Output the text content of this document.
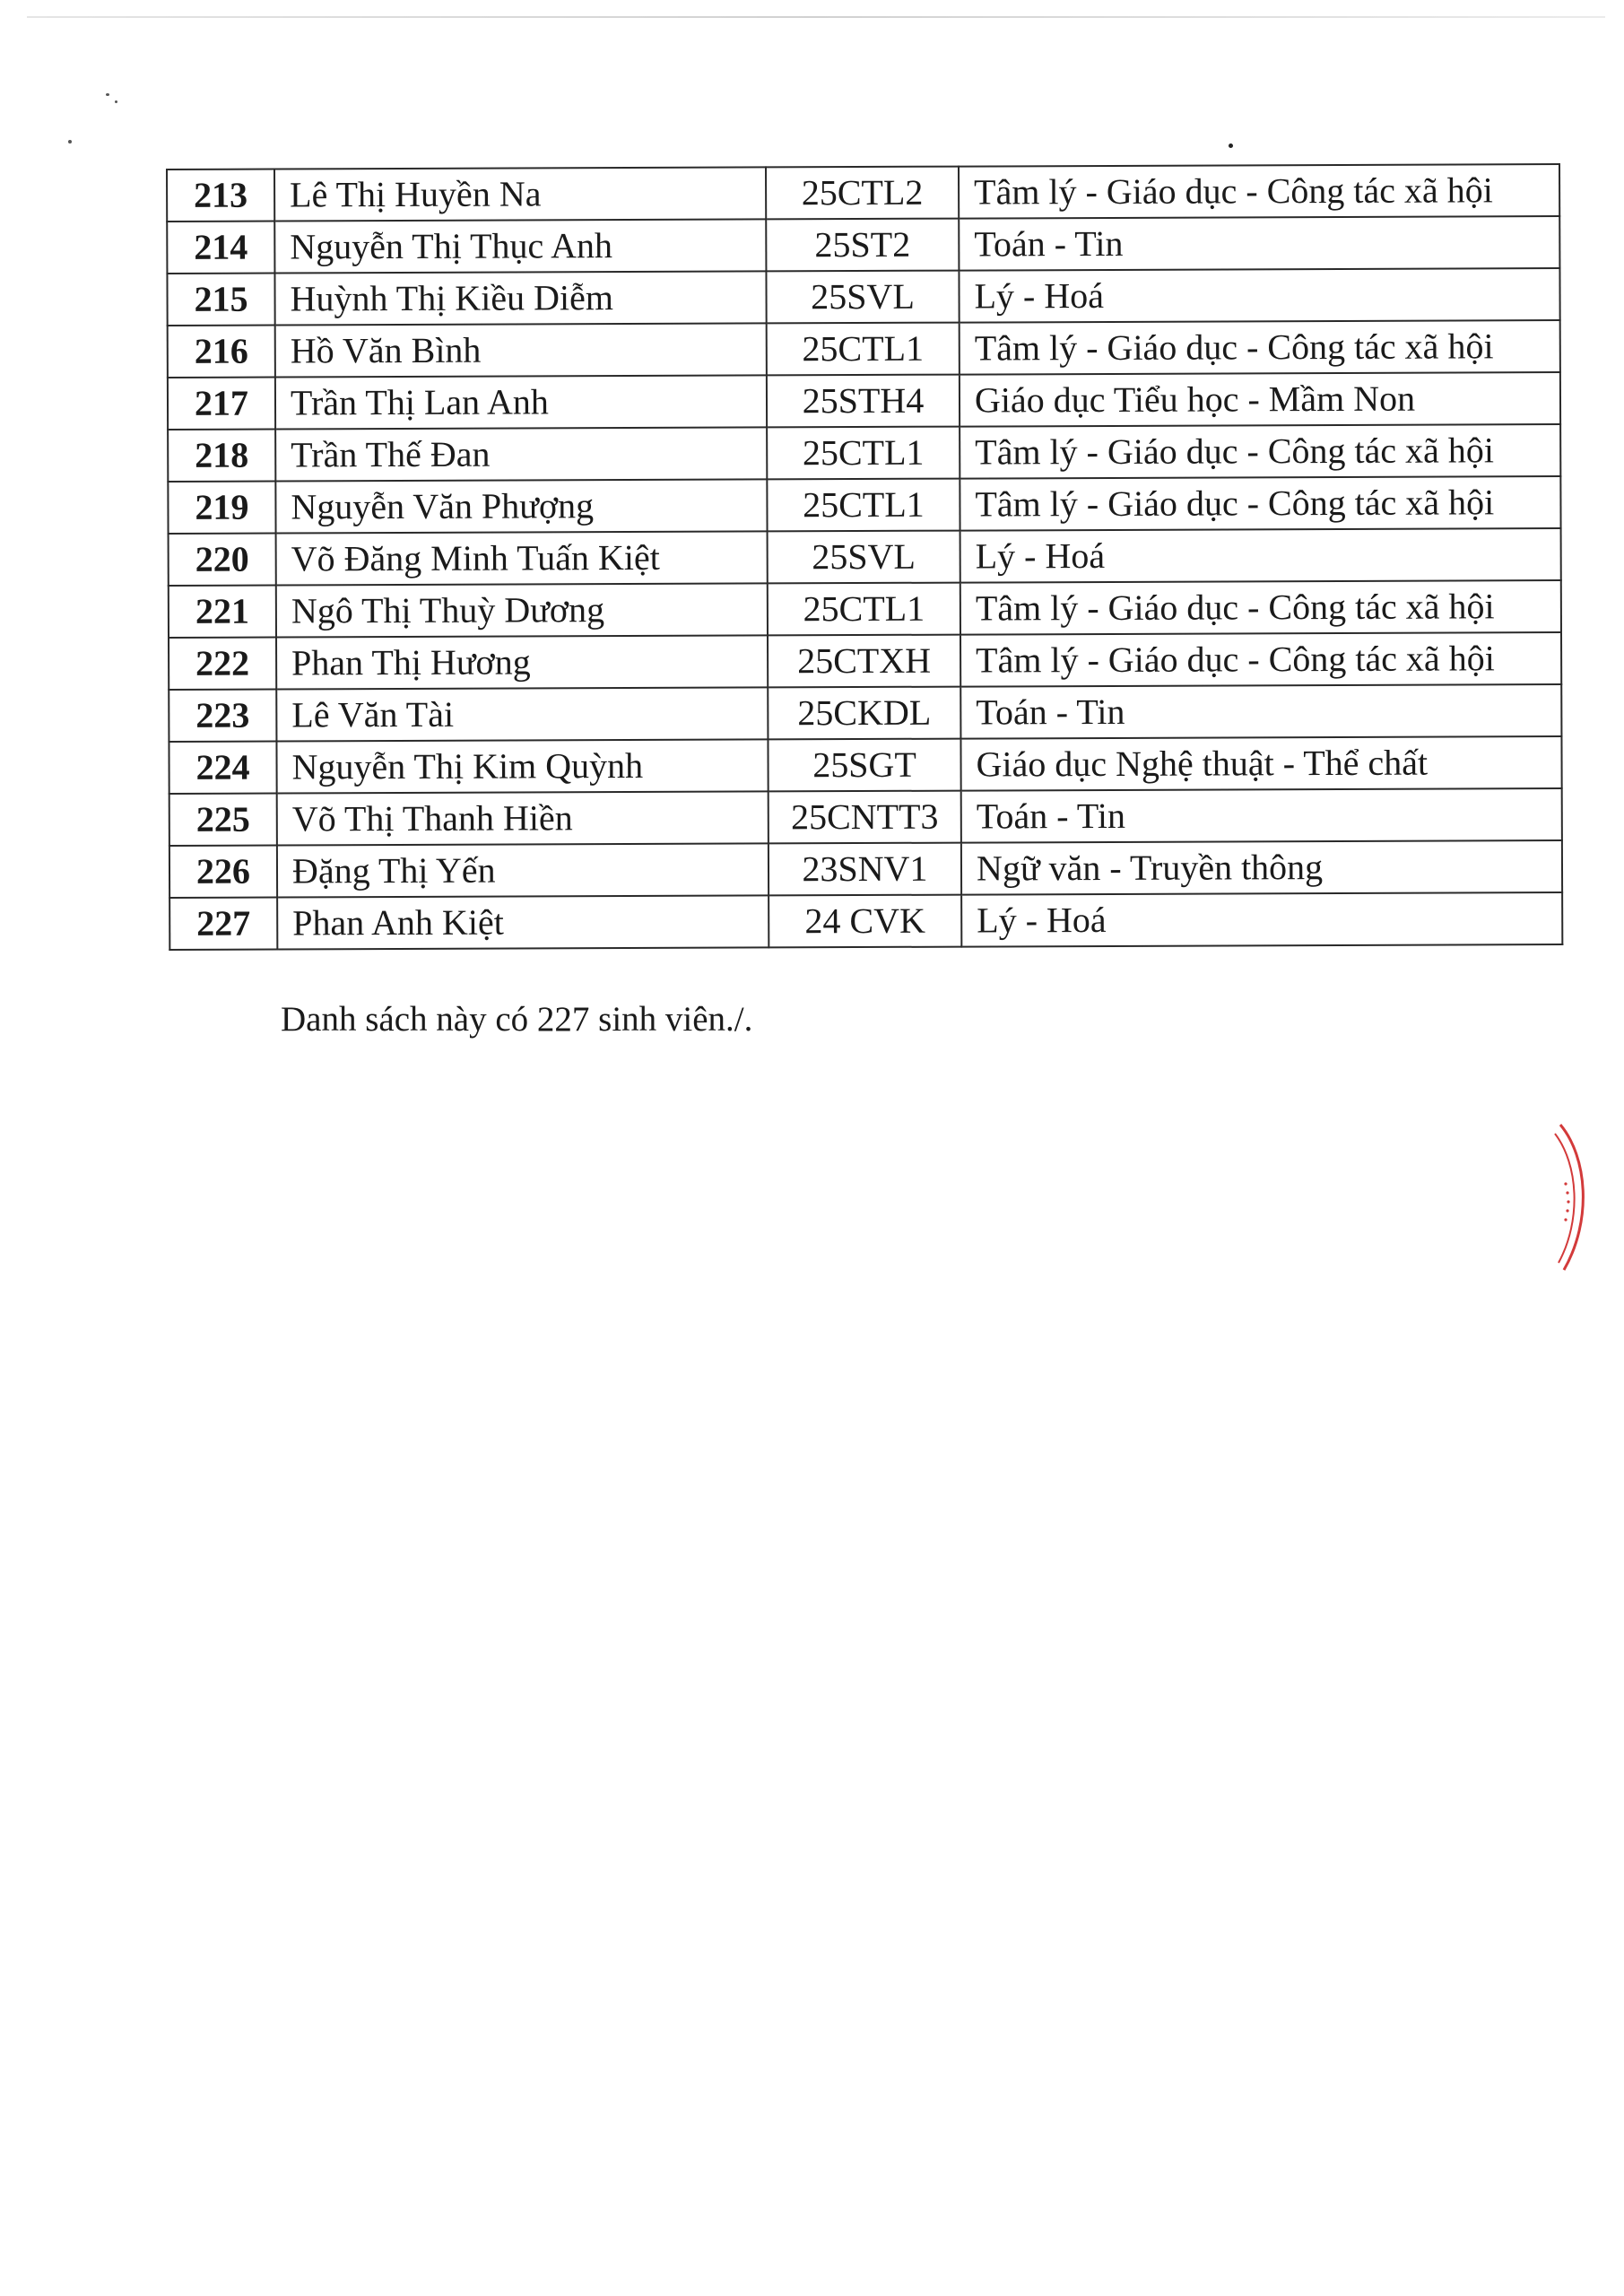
213	Lê Thị Huyền Na	25CTL2	Tâm lý - Giáo dục - Công tác xã hội
214	Nguyễn Thị Thục Anh	25ST2	Toán - Tin
215	Huỳnh Thị Kiều Diễm	25SVL	Lý - Hoá
216	Hồ Văn Bình	25CTL1	Tâm lý - Giáo dục - Công tác xã hội
217	Trần Thị Lan Anh	25STH4	Giáo dục Tiểu học - Mầm Non
218	Trần Thế Đan	25CTL1	Tâm lý - Giáo dục - Công tác xã hội
219	Nguyễn Văn Phượng	25CTL1	Tâm lý - Giáo dục - Công tác xã hội
220	Võ Đăng Minh Tuấn Kiệt	25SVL	Lý - Hoá
221	Ngô Thị Thuỳ Dương	25CTL1	Tâm lý - Giáo dục - Công tác xã hội
222	Phan Thị Hương	25CTXH	Tâm lý - Giáo dục - Công tác xã hội
223	Lê Văn Tài	25CKDL	Toán - Tin
224	Nguyễn Thị Kim Quỳnh	25SGT	Giáo dục Nghệ thuật - Thể chất
225	Võ Thị Thanh Hiền	25CNTT3	Toán - Tin
226	Đặng Thị Yến	23SNV1	Ngữ văn - Truyền thông
227	Phan Anh Kiệt	24 CVK	Lý - Hoá
Danh sách này có 227 sinh viên./.
